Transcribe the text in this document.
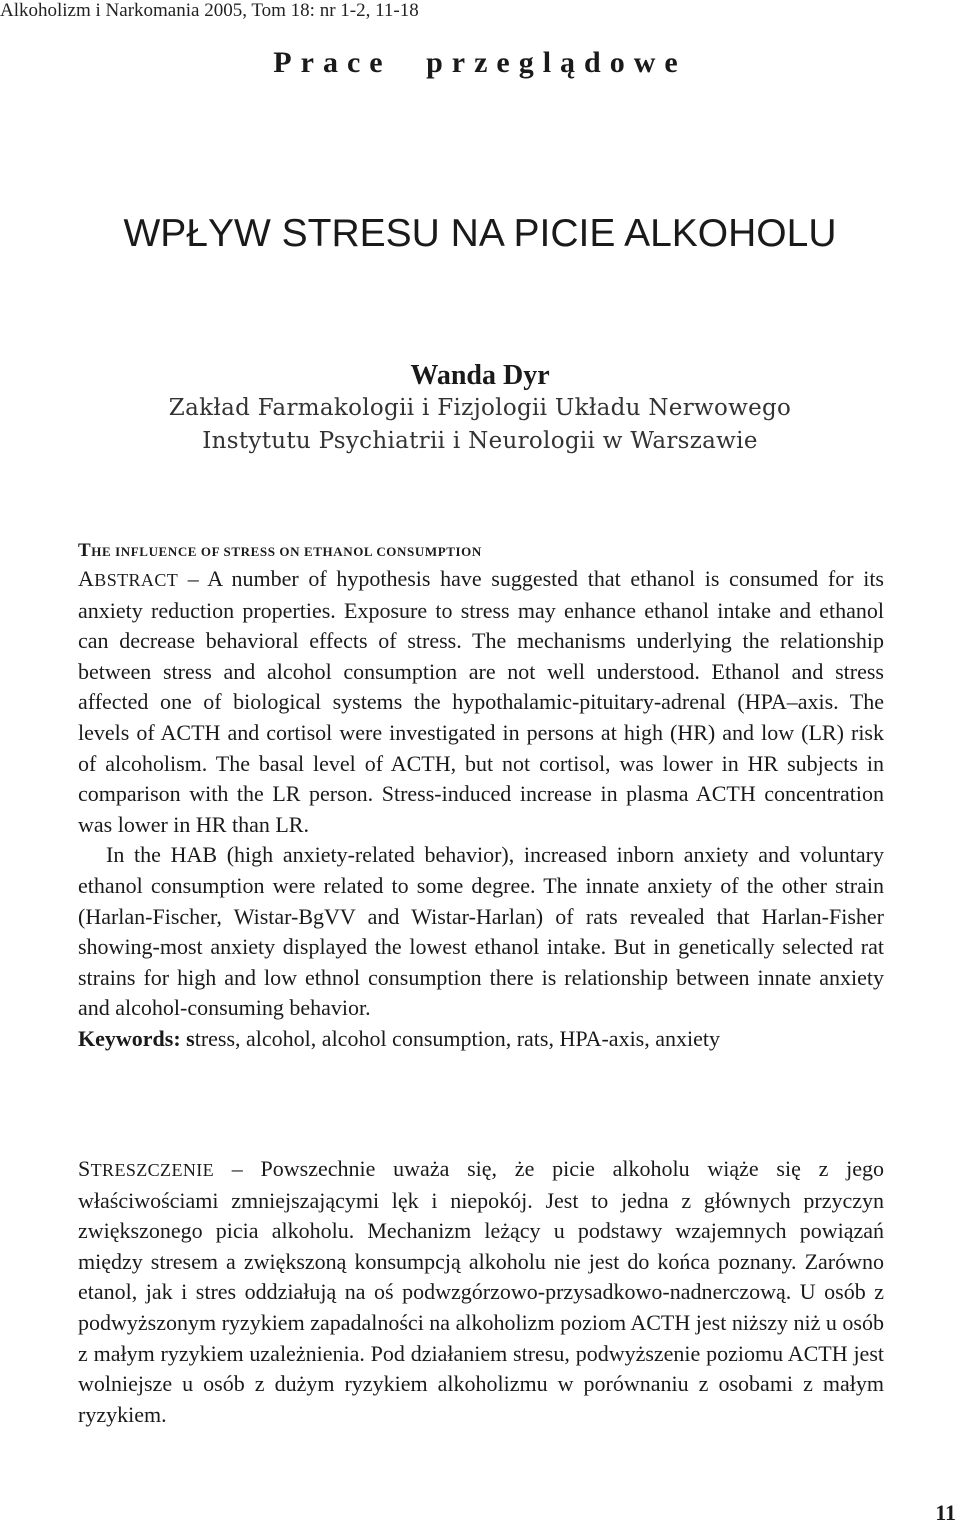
Alkoholizm i Narkomania 2005, Tom 18: nr 1-2, 11-18
Prace przeglądowe
WPŁYW STRESU NA PICIE ALKOHOLU
Wanda Dyr
Zakład Farmakologii i Fizjologii Układu Nerwowego
Instytutu Psychiatrii i Neurologii w Warszawie
THE INFLUENCE OF STRESS ON ETHANOL CONSUMPTION

ABSTRACT – A number of hypothesis have suggested that ethanol is consumed for its anxiety reduction properties. Exposure to stress may enhance ethanol intake and ethanol can decrease behavioral effects of stress. The mechanisms underlying the relationship between stress and alcohol consumption are not well understood. Ethanol and stress affected one of biological systems the hypothalamic-pituitary-adrenal (HPA–axis. The levels of ACTH and cortisol were investigated in persons at high (HR) and low (LR) risk of alcoholism. The basal level of ACTH, but not cortisol, was lower in HR subjects in comparison with the LR person. Stress-induced increase in plasma ACTH concentration was lower in HR than LR.

In the HAB (high anxiety-related behavior), increased inborn anxiety and voluntary ethanol consumption were related to some degree. The innate anxiety of the other strain (Harlan-Fischer, Wistar-BgVV and Wistar-Harlan) of rats revealed that Harlan-Fisher showing-most anxiety displayed the lowest ethanol intake. But in genetically selected rat strains for high and low ethnol consumption there is relationship between innate anxiety and alcohol-consuming behavior.

Keywords: stress, alcohol, alcohol consumption, rats, HPA-axis, anxiety

STRESZCZENIE – Powszechnie uważa się, że picie alkoholu wiąże się z jego właściwościami zmniejszającymi lęk i niepokój. Jest to jedna z głównych przyczyn zwiększonego picia alkoholu. Mechanizm leżący u podstawy wzajemnych powiązań między stresem a zwiększoną konsumpcją alkoholu nie jest do końca poznany. Zarówno etanol, jak i stres oddziałują na oś podwzgórzowo-przysadkowo-nadnerczową. U osób z podwyższonym ryzykiem zapadalności na alkoholizm poziom ACTH jest niższy niż u osób z małym ryzykiem uzależnienia. Pod działaniem stresu, podwyższenie poziomu ACTH jest wolniejsze u osób z dużym ryzykiem alkoholizmu w porównaniu z osobami z małym ryzykiem.

11
